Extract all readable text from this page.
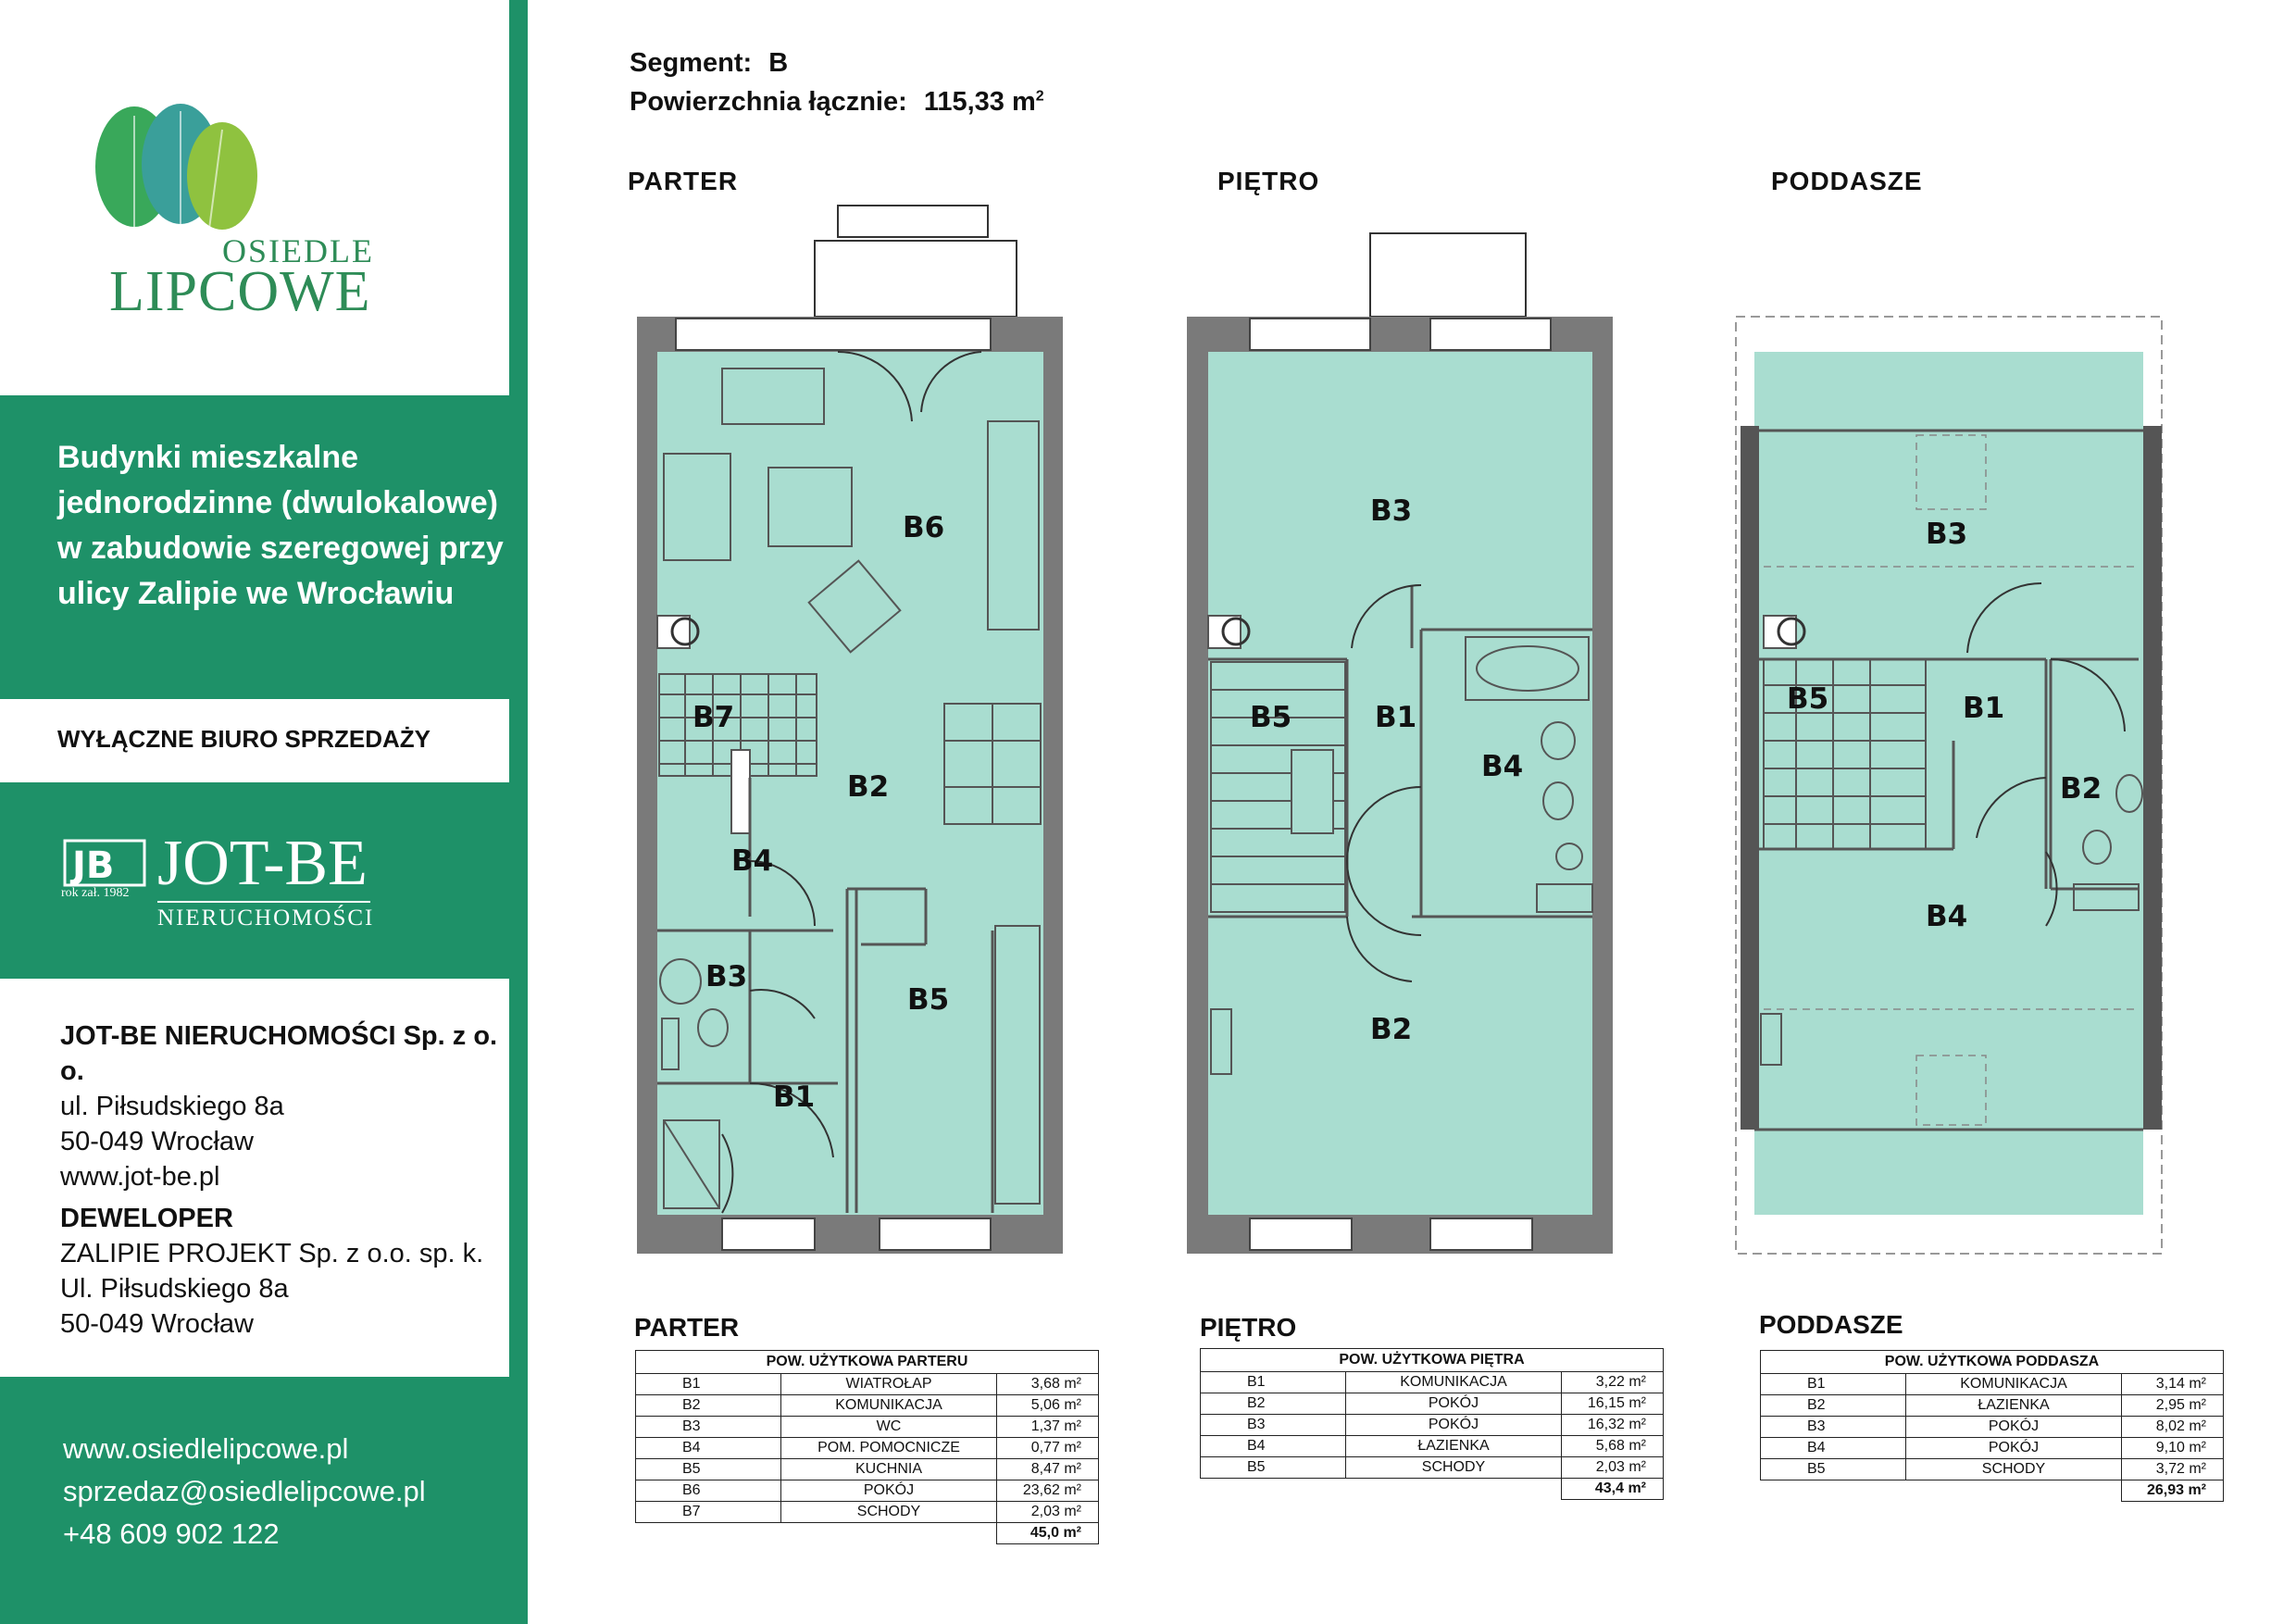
OSIEDLE
LIPCOWE
Budynki mieszkalne
jednorodzinne (dwulokalowe)
w zabudowie szeregowej przy
ulicy Zalipie we Wrocławiu
WYŁĄCZNE BIURO SPRZEDAŻY
JB
rok zał. 1982 JOT-BE
NIERUCHOMOŚCI
JOT-BE NIERUCHOMOŚCI Sp. z o. o.
ul. Piłsudskiego 8a
50-049 Wrocław
www.jot-be.pl
DEWELOPER
ZALIPIE PROJEKT Sp. z o.o. sp. k.
Ul. Piłsudskiego 8a
50-049 Wrocław
www.osiedlelipcowe.pl
sprzedaz@osiedlelipcowe.pl
+48 609 902 122
Segment: B
Powierzchnia łącznie: 115,33 $m^2$
PARTER	PIĘTRO	PODDASZE
B6
B7
B2
B4
B3
B5
B1
B3
B5	B1
B4
B2
B3
B5	B1
B2
B4
PARTER
POW. UŻYTKOWA PARTERU		
B1	WIATROŁAP	3,68 m²
B2	KOMUNIKACJA	5,06 m²
B3	WC	1,37 m²
B4	POM. POMOCNICZE	0,77 m²
B5	KUCHNIA	8,47 m²
B6	POKÓJ	23,62 m²
B7	SCHODY	2,03 m²
		45,0 m²
PIĘTRO
POW. UŻYTKOWA PIĘTRA		
B1	KOMUNIKACJA	3,22 m²
B2	POKÓJ	16,15 m²
B3	POKÓJ	16,32 m²
B4	ŁAZIENKA	5,68 m²
B5	SCHODY	2,03 m²
		43,4 m²
PODDASZE
POW. UŻYTKOWA PODDASZA		
B1	KOMUNIKACJA	3,14 m²
B2	ŁAZIENKA	2,95 m²
B3	POKÓJ	8,02 m²
B4	POKÓJ	9,10 m²
B5	SCHODY	3,72 m²
		26,93 m²
